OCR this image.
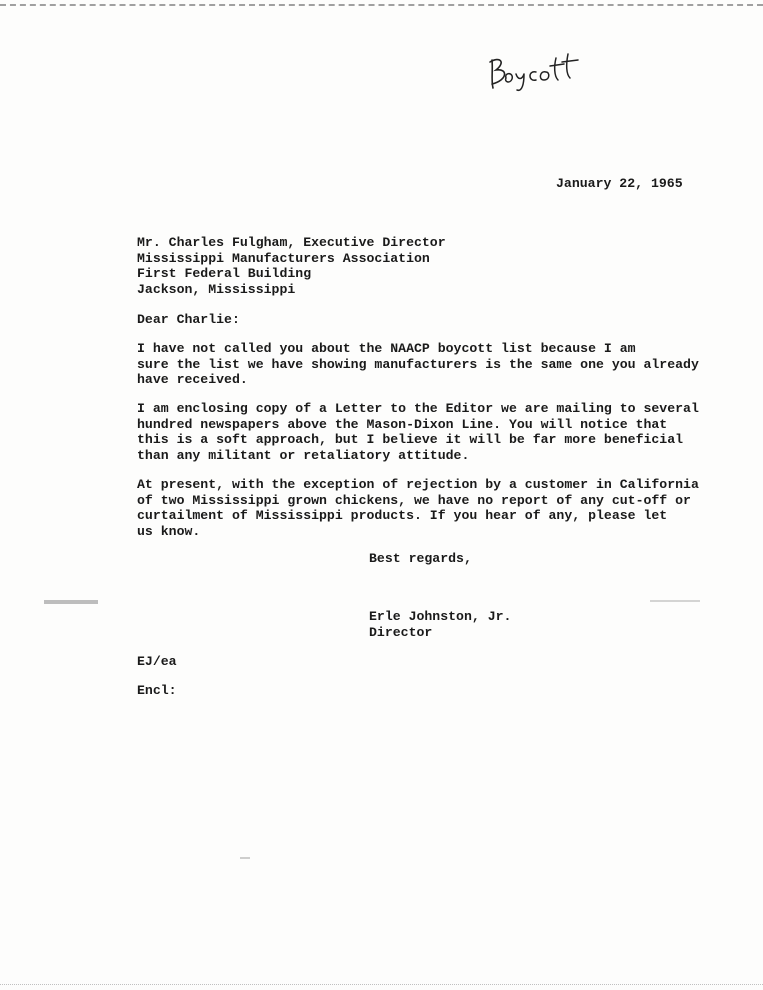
January 22, 1965
Mr. Charles Fulgham, Executive Director
Mississippi Manufacturers Association
First Federal Building
Jackson, Mississippi
Dear Charlie:
I have not called you about the NAACP boycott list because I am
sure the list we have showing manufacturers is the same one you already
have received.
I am enclosing copy of a Letter to the Editor we are mailing to several
hundred newspapers above the Mason-Dixon Line. You will notice that
this is a soft approach, but I believe it will be far more beneficial
than any militant or retaliatory attitude.
At present, with the exception of rejection by a customer in California
of two Mississippi grown chickens, we have no report of any cut-off or
curtailment of Mississippi products. If you hear of any, please let
us know.
Best regards,
Erle Johnston, Jr.
Director
EJ/ea
Encl:
